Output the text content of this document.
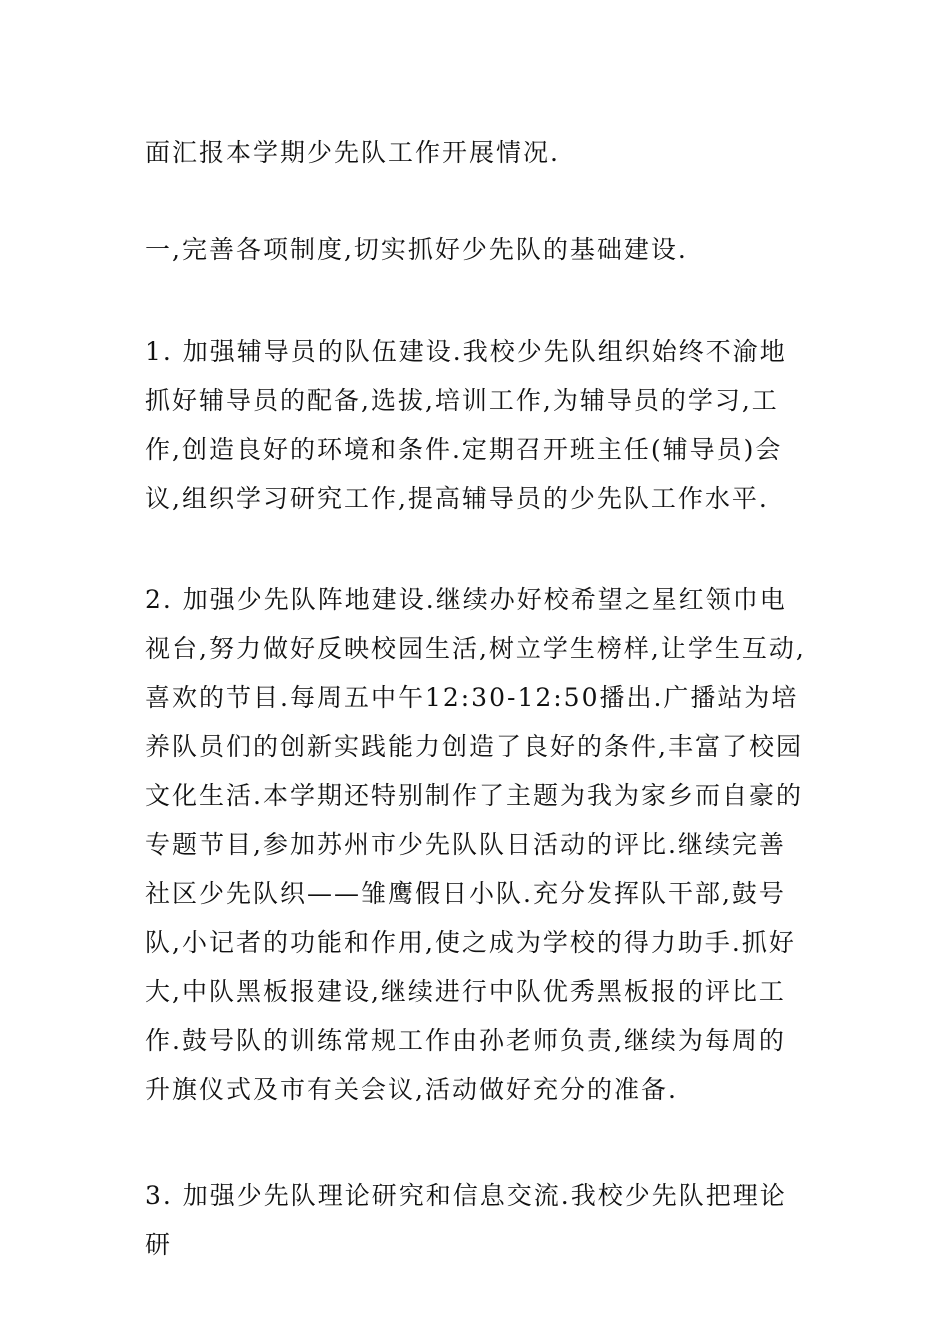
面汇报本学期少先队工作开展情况.

一,完善各项制度,切实抓好少先队的基础建设.

1. 加强辅导员的队伍建设.我校少先队组织始终不渝地抓好辅导员的配备,选拔,培训工作,为辅导员的学习,工作,创造良好的环境和条件.定期召开班主任(辅导员)会议,组织学习研究工作,提高辅导员的少先队工作水平.

2. 加强少先队阵地建设.继续办好校希望之星红领巾电视台,努力做好反映校园生活,树立学生榜样,让学生互动,喜欢的节目.每周五中午12:30-12:50播出.广播站为培养队员们的创新实践能力创造了良好的条件,丰富了校园文化生活.本学期还特别制作了主题为我为家乡而自豪的专题节目,参加苏州市少先队队日活动的评比.继续完善社区少先队织——雏鹰假日小队.充分发挥队干部,鼓号队,小记者的功能和作用,使之成为学校的得力助手.抓好大,中队黑板报建设,继续进行中队优秀黑板报的评比工作.鼓号队的训练常规工作由孙老师负责,继续为每周的升旗仪式及市有关会议,活动做好充分的准备.

3. 加强少先队理论研究和信息交流.我校少先队把理论研
